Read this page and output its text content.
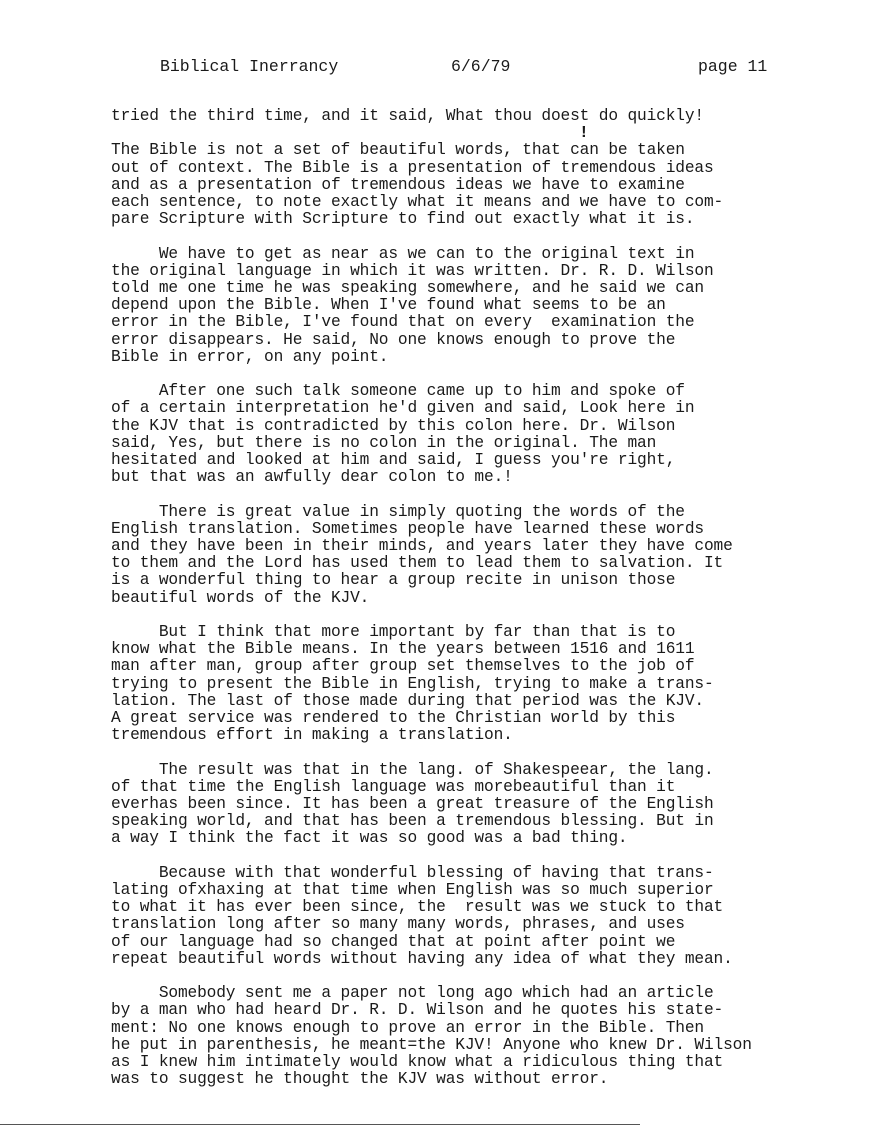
Biblical Inerrancy	6/6/79	page 11

tried the third time, and it said, What thou doest do quickly!

!

The Bible is not a set of beautiful words, that can be taken
out of context. The Bible is a presentation of tremendous ideas
and as a presentation of tremendous ideas we have to examine
each sentence, to note exactly what it means and we have to com-
pare Scripture with Scripture to find out exactly what it is.

We have to get as near as we can to the original text in
the original language in which it was written. Dr. R. D. Wilson
told me one time he was speaking somewhere, and he said we can
depend upon the Bible. When I've found what seems to be an
error in the Bible, I've found that on every  examination the
error disappears. He said, No one knows enough to prove the
Bible in error, on any point.

After one such talk someone came up to him and spoke of
of a certain interpretation he'd given and said, Look here in
the KJV that is contradicted by this colon here. Dr. Wilson
said, Yes, but there is no colon in the original. The man
hesitated and looked at him and said, I guess you're right,
but that was an awfully dear colon to me.!

There is great value in simply quoting the words of the
English translation. Sometimes people have learned these words
and they have been in their minds, and years later they have come
to them and the Lord has used them to lead them to salvation. It
is a wonderful thing to hear a group recite in unison those
beautiful words of the KJV.

But I think that more important by far than that is to
know what the Bible means. In the years between 1516 and 1611
man after man, group after group set themselves to the job of
trying to present the Bible in English, trying to make a trans-
lation. The last of those made during that period was the KJV.
A great service was rendered to the Christian world by this
tremendous effort in making a translation.

The result was that in the lang. of Shakespeear, the lang.
of that time the English language was morebeautiful than it
everhas been since. It has been a great treasure of the English
speaking world, and that has been a tremendous blessing. But in
a way I think the fact it was so good was a bad thing.

Because with that wonderful blessing of having that trans-
lating ofxhaxing at that time when English was so much superior
to what it has ever been since, the  result was we stuck to that
translation long after so many many words, phrases, and uses
of our language had so changed that at point after point we
repeat beautiful words without having any idea of what they mean.

Somebody sent me a paper not long ago which had an article
by a man who had heard Dr. R. D. Wilson and he quotes his state-
ment: No one knows enough to prove an error in the Bible. Then
he put in parenthesis, he meant=the KJV! Anyone who knew Dr. Wilson
as I knew him intimately would know what a ridiculous thing that
was to suggest he thought the KJV was without error.
